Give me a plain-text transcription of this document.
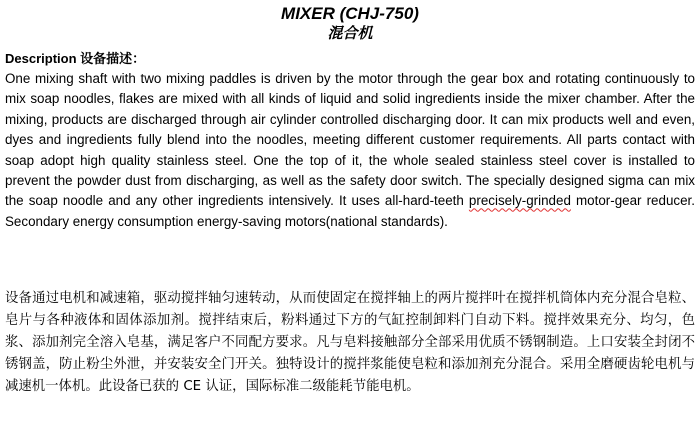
MIXER (CHJ-750)
混合机

Description 设备描述：

One mixing shaft with two mixing paddles is driven by the motor through the gear box and rotating continuously to mix soap noodles, flakes are mixed with all kinds of liquid and solid ingredients inside the mixer chamber. After the mixing, products are discharged through air cylinder controlled discharging door. It can mix products well and even, dyes and ingredients fully blend into the noodles, meeting different customer requirements. All parts contact with soap adopt high quality stainless steel. One the top of it, the whole sealed stainless steel cover is installed to prevent the powder dust from discharging, as well as the safety door switch. The specially designed sigma can mix the soap noodle and any other ingredients intensively. It uses all-hard-teeth precisely-grinded motor-gear reducer. Secondary energy consumption energy-saving motors(national standards).

设备通过电机和减速箱，驱动搅拌轴匀速转动，从而使固定在搅拌轴上的两片搅拌叶在搅拌机筒体内充分混合皂粒、皂片与各种液体和固体添加剂。搅拌结束后，粉料通过下方的气缸控制卸料门自动下料。搅拌效果充分、均匀，色浆、添加剂完全溶入皂基，满足客户不同配方要求。凡与皂料接触部分全部采用优质不锈钢制造。上口安装全封闭不锈钢盖，防止粉尘外泄，并安装安全门开关。独特设计的搅拌浆能使皂粒和添加剂充分混合。采用全磨硬齿轮电机与减速机一体机。此设备已获的 CE 认证，国际标准二级能耗节能电机。
